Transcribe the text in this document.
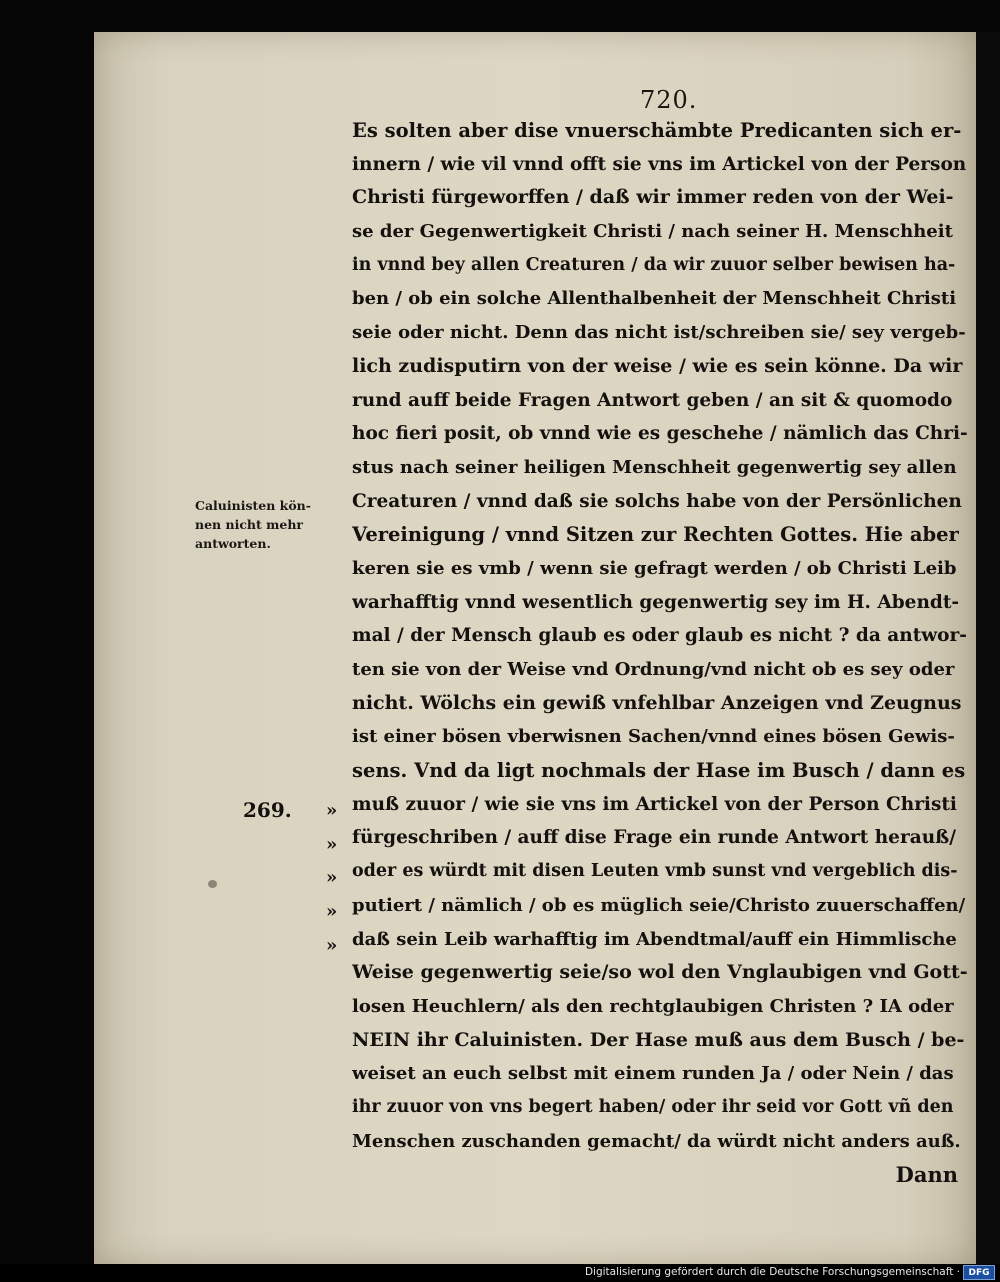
720.
Es solten aber dise vnuerschämbte Predicanten sich er-
innern / wie vil vnnd offt sie vns im Artickel von der Person
Christi fürgeworffen / daß wir immer reden von der Wei-
se der Gegenwertigkeit Christi / nach seiner H. Menschheit
in vnnd bey allen Creaturen / da wir zuuor selber bewisen ha-
ben / ob ein solche Allenthalbenheit der Menschheit Christi
seie oder nicht. Denn das nicht ist/schreiben sie/ sey vergeb-
lich zudisputirn von der weise / wie es sein könne. Da wir
rund auff beide Fragen Antwort geben / an sit & quomodo
hoc fieri posit, ob vnnd wie es geschehe / nämlich das Chri-
stus nach seiner heiligen Menschheit gegenwertig sey allen
Creaturen / vnnd daß sie solchs habe von der Persönlichen
Vereinigung / vnnd Sitzen zur Rechten Gottes. Hie aber
keren sie es vmb / wenn sie gefragt werden / ob Christi Leib
warhafftig vnnd wesentlich gegenwertig sey im H. Abendt-
mal / der Mensch glaub es oder glaub es nicht ? da antwor-
ten sie von der Weise vnd Ordnung/vnd nicht ob es sey oder
nicht. Wölchs ein gewiß vnfehlbar Anzeigen vnd Zeugnus
ist einer bösen vberwisnen Sachen/vnnd eines bösen Gewis-
sens. Vnd da ligt nochmals der Hase im Busch / dann es
muß zuuor / wie sie vns im Artickel von der Person Christi
fürgeschriben / auff dise Frage ein runde Antwort herauß/
oder es würdt mit disen Leuten vmb sunst vnd vergeblich dis-
putiert / nämlich / ob es müglich seie/Christo zuuerschaffen/
daß sein Leib warhafftig im Abendtmal/auff ein Himmlische
Weise gegenwertig seie/so wol den Vnglaubigen vnd Gott-
losen Heuchlern/ als den rechtglaubigen Christen ? IA oder
NEIN ihr Caluinisten. Der Hase muß aus dem Busch / be-
weiset an euch selbst mit einem runden Ja / oder Nein / das
ihr zuuor von vns begert haben/ oder ihr seid vor Gott vñ den
Menschen zuschanden gemacht/ da würdt nicht anders auß.
Dann
Caluinisten kön-
nen nicht mehr
antworten.
269. »
»
»
»
»
Digitalisierung gefördert durch die Deutsche Forschungsgemeinschaft · DFG
